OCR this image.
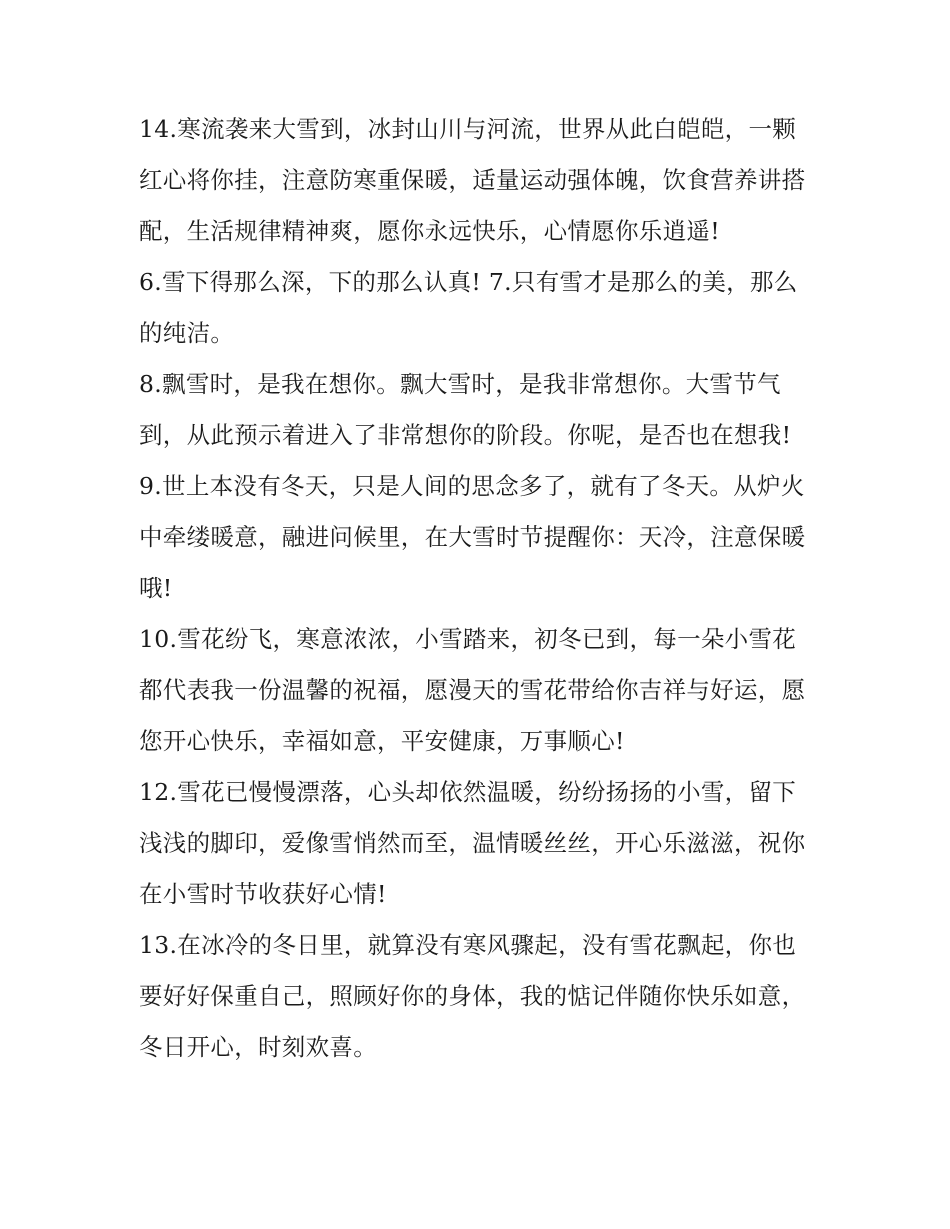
14.寒流袭来大雪到，冰封山川与河流，世界从此白皑皑，一颗红心将你挂，注意防寒重保暖，适量运动强体魄，饮食营养讲搭配，生活规律精神爽，愿你永远快乐，心情愿你乐逍遥!

6.雪下得那么深，下的那么认真! 7.只有雪才是那么的美，那么的纯洁。

8.飘雪时，是我在想你。飘大雪时，是我非常想你。大雪节气到，从此预示着进入了非常想你的阶段。你呢，是否也在想我!

9.世上本没有冬天，只是人间的思念多了，就有了冬天。从炉火中牵缕暖意，融进问候里，在大雪时节提醒你：天冷，注意保暖哦!

10.雪花纷飞，寒意浓浓，小雪踏来，初冬已到，每一朵小雪花都代表我一份温馨的祝福，愿漫天的雪花带给你吉祥与好运，愿您开心快乐，幸福如意，平安健康，万事顺心!

12.雪花已慢慢漂落，心头却依然温暖，纷纷扬扬的小雪，留下浅浅的脚印，爱像雪悄然而至，温情暖丝丝，开心乐滋滋，祝你在小雪时节收获好心情!

13.在冰冷的冬日里，就算没有寒风骤起，没有雪花飘起，你也要好好保重自己，照顾好你的身体，我的惦记伴随你快乐如意，冬日开心，时刻欢喜。
